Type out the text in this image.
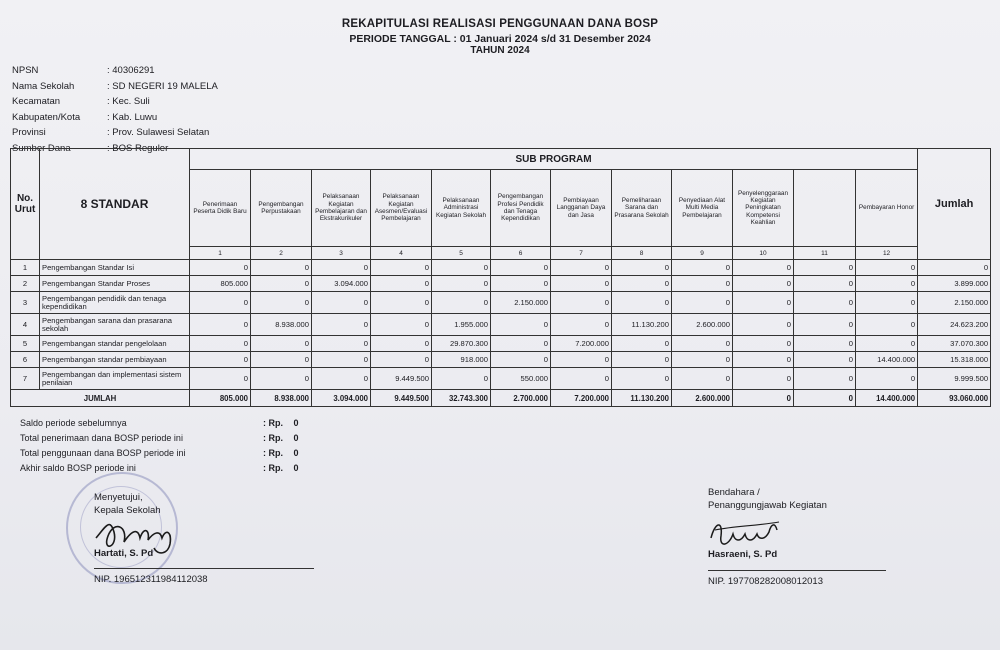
REKAPITULASI REALISASI PENGGUNAAN DANA BOSP
PERIODE TANGGAL : 01 Januari 2024 s/d 31 Desember 2024
TAHUN 2024
NPSN	: 40306291
Nama Sekolah	: SD NEGERI 19 MALELA
Kecamatan	: Kec. Suli
Kabupaten/Kota	: Kab. Luwu
Provinsi	: Prov. Sulawesi Selatan
Sumber Dana	: BOS Reguler
No. Urut	8 STANDAR	SUB PROGRAM												Jumlah
		Penerimaan Peserta Didik Baru	Pengembangan Perpustakaan	Pelaksanaan Kegiatan Pembelajaran dan Ekstrakurikuler	Pelaksanaan Kegiatan Asesmen/Evaluasi Pembelajaran	Pelaksanaan Administrasi Kegiatan Sekolah	Pengembangan Profesi Pendidik dan Tenaga Kependidikan	Pembiayaan Langganan Daya dan Jasa	Pemeliharaan Sarana dan Prasarana Sekolah	Penyediaan Alat Multi Media Pembelajaran	Penyelenggaraan Kegiatan Peningkatan Kompetensi Keahlian		Pembayaran Honor	
		1	2	3	4	5	6	7	8	9	10	11	12	
1	Pengembangan Standar Isi	0	0	0	0	0	0	0	0	0	0	0	0	0
2	Pengembangan Standar Proses	805.000	0	3.094.000	0	0	0	0	0	0	0	0	0	3.899.000
3	Pengembangan pendidik dan tenaga kependidikan	0	0	0	0	0	2.150.000	0	0	0	0	0	0	2.150.000
4	Pengembangan sarana dan prasarana sekolah	0	8.938.000	0	0	1.955.000	0	0	11.130.200	2.600.000	0	0	0	24.623.200
5	Pengembangan standar pengelolaan	0	0	0	0	29.870.300	0	7.200.000	0	0	0	0	0	37.070.300
6	Pengembangan standar pembiayaan	0	0	0	0	918.000	0	0	0	0	0	0	14.400.000	15.318.000
7	Pengembangan dan implementasi sistem penilaian	0	0	0	9.449.500	0	550.000	0	0	0	0	0	0	9.999.500
JUMLAH		805.000	8.938.000	3.094.000	9.449.500	32.743.300	2.700.000	7.200.000	11.130.200	2.600.000	0	0	14.400.000	93.060.000
Saldo periode sebelumnya	: Rp. 0
Total penerimaan dana BOSP periode ini	: Rp. 0
Total penggunaan dana BOSP periode ini	: Rp. 0
Akhir saldo BOSP periode ini	: Rp. 0
Menyetujui,
Kepala Sekolah
Hartati, S. Pd
NIP. 196512311984112038
Bendahara /
Penanggungjawab Kegiatan
Hasraeni, S. Pd
NIP. 197708282008012013
